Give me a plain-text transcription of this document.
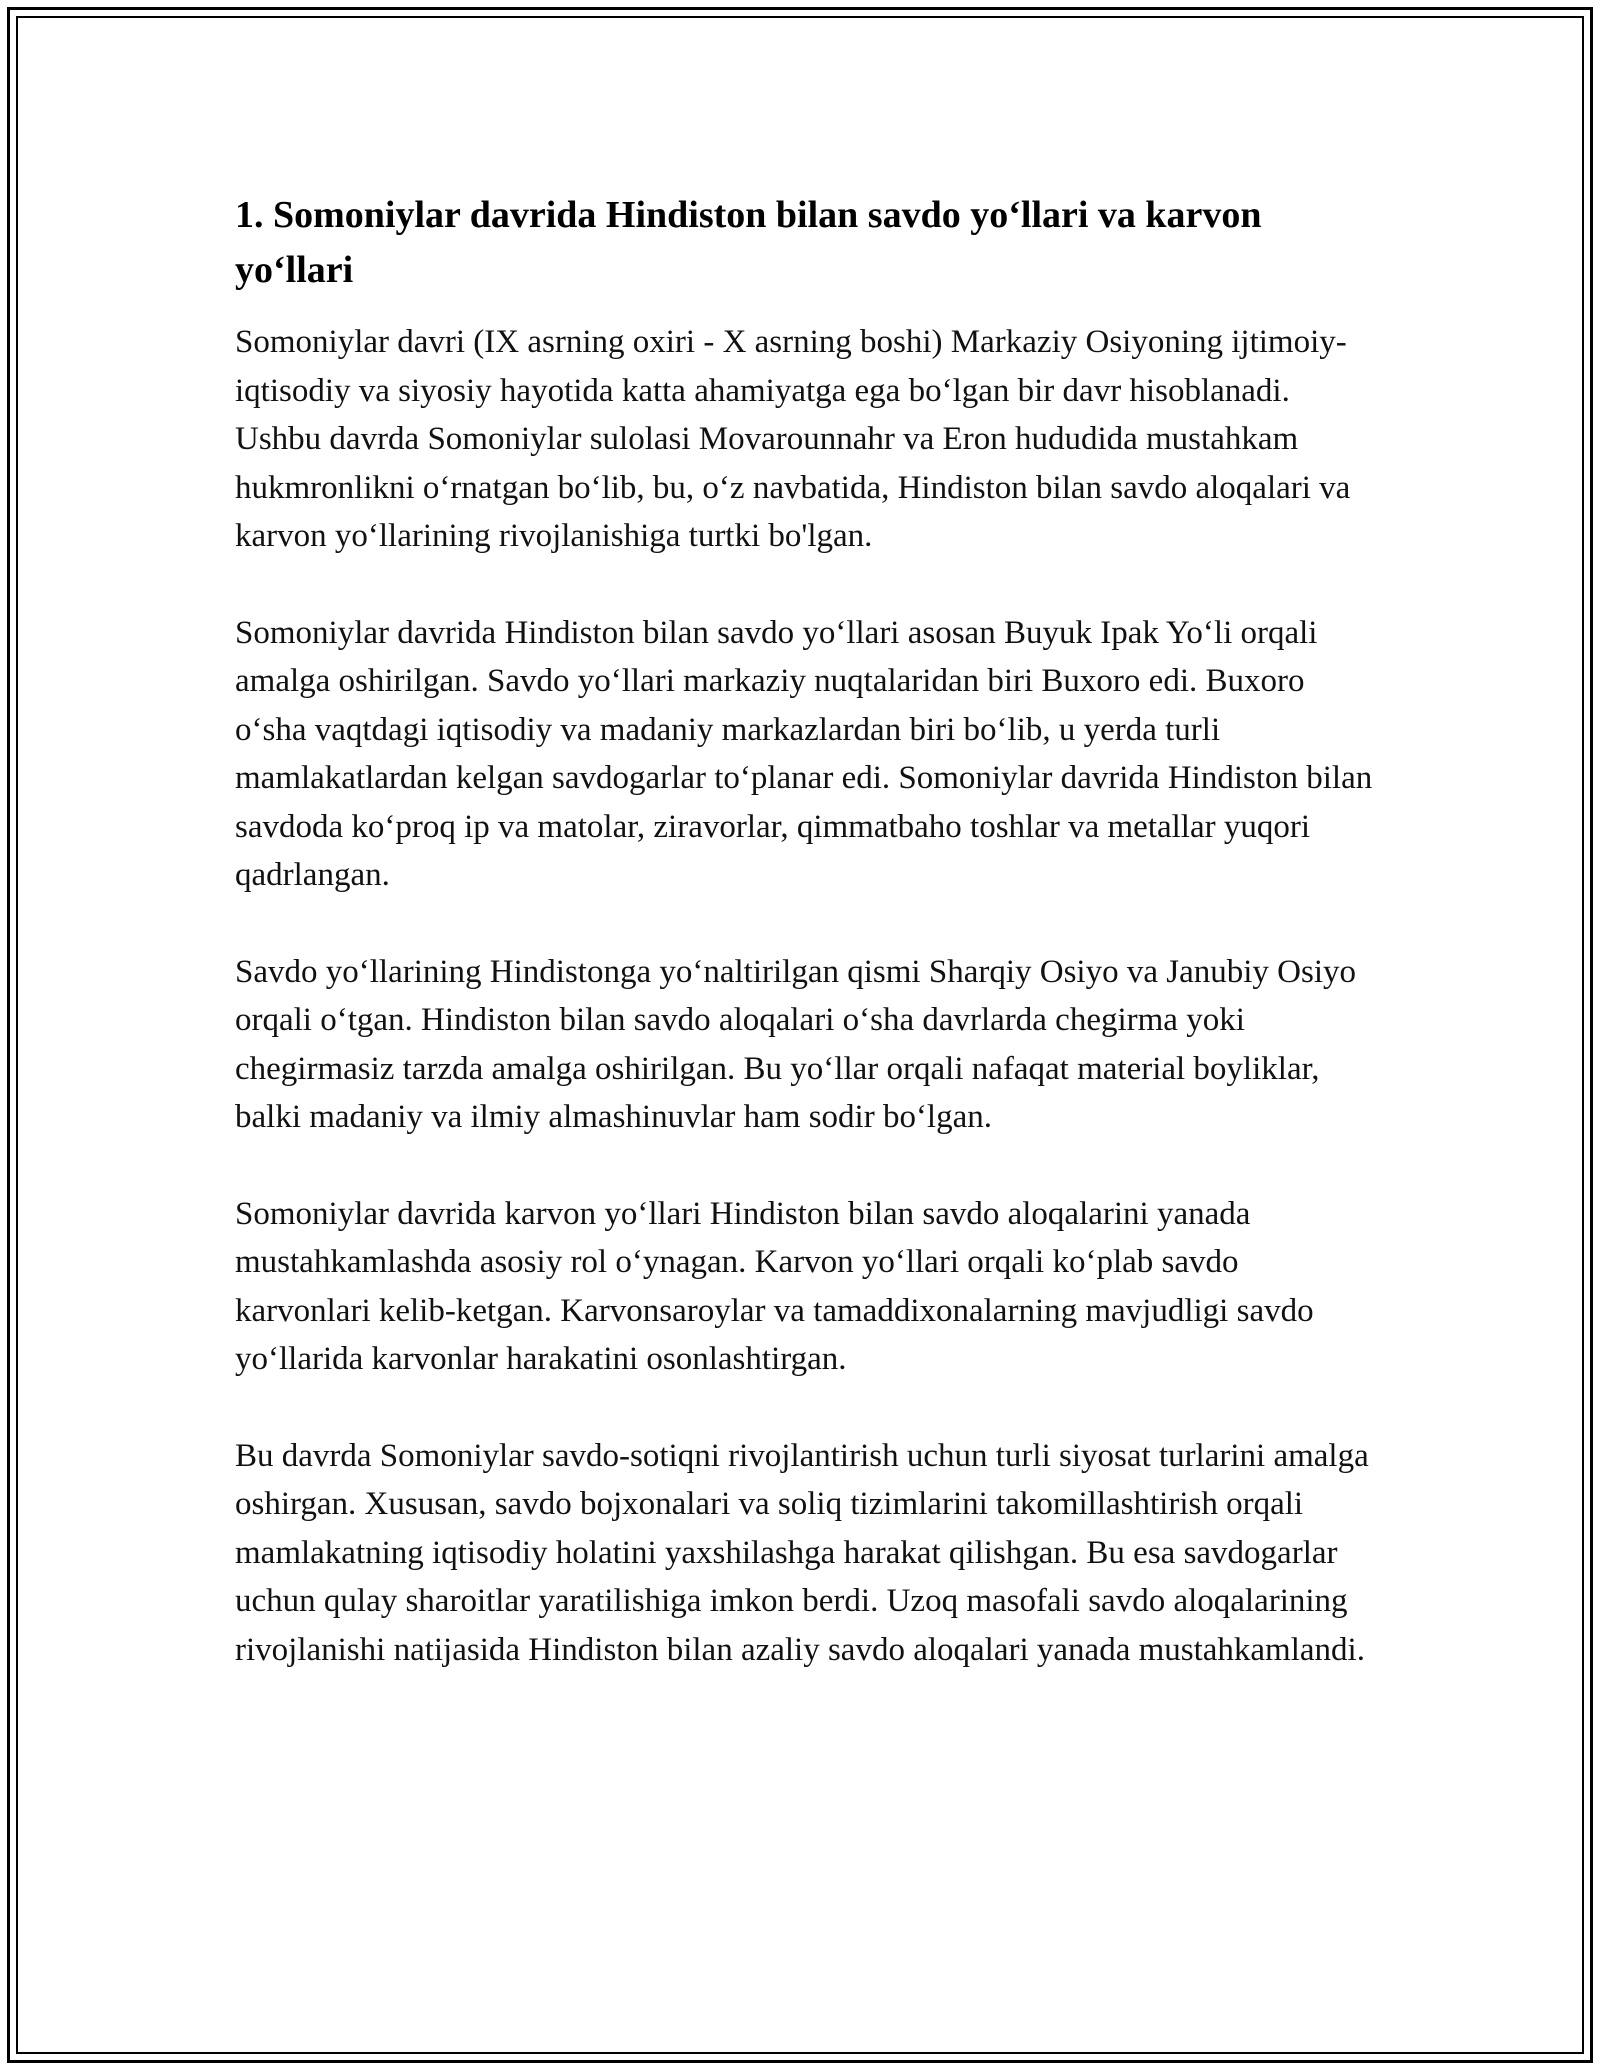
1. Somoniylar davrida Hindiston bilan savdo yo‘llari va karvon yo‘llari

Somoniylar davri (IX asrning oxiri - X asrning boshi) Markaziy Osiyoning ijtimoiy-iqtisodiy va siyosiy hayotida katta ahamiyatga ega bo‘lgan bir davr hisoblanadi. Ushbu davrda Somoniylar sulolasi Movarounnahr va Eron hududida mustahkam hukmronlikni o‘rnatgan bo‘lib, bu, o‘z navbatida, Hindiston bilan savdo aloqalari va karvon yo‘llarining rivojlanishiga turtki bo'lgan.

Somoniylar davrida Hindiston bilan savdo yo‘llari asosan Buyuk Ipak Yo‘li orqali amalga oshirilgan. Savdo yo‘llari markaziy nuqtalaridan biri Buxoro edi. Buxoro o‘sha vaqtdagi iqtisodiy va madaniy markazlardan biri bo‘lib, u yerda turli mamlakatlardan kelgan savdogarlar to‘planar edi. Somoniylar davrida Hindiston bilan savdoda ko‘proq ip va matolar, ziravorlar, qimmatbaho toshlar va metallar yuqori qadrlangan.

Savdo yo‘llarining Hindistonga yo‘naltirilgan qismi Sharqiy Osiyo va Janubiy Osiyo orqali o‘tgan. Hindiston bilan savdo aloqalari o‘sha davrlarda chegirma yoki chegirmasiz tarzda amalga oshirilgan. Bu yo‘llar orqali nafaqat material boyliklar, balki madaniy va ilmiy almashinuvlar ham sodir bo‘lgan.

Somoniylar davrida karvon yo‘llari Hindiston bilan savdo aloqalarini yanada mustahkamlashda asosiy rol o‘ynagan. Karvon yo‘llari orqali ko‘plab savdo karvonlari kelib-ketgan. Karvonsaroylar va tamaddixonalarning mavjudligi savdo yo‘llarida karvonlar harakatini osonlashtirgan.

Bu davrda Somoniylar savdo-sotiqni rivojlantirish uchun turli siyosat turlarini amalga oshirgan. Xususan, savdo bojxonalari va soliq tizimlarini takomillashtirish orqali mamlakatning iqtisodiy holatini yaxshilashga harakat qilishgan. Bu esa savdogarlar uchun qulay sharoitlar yaratilishiga imkon berdi. Uzoq masofali savdo aloqalarining rivojlanishi natijasida Hindiston bilan azaliy savdo aloqalari yanada mustahkamlandi.
